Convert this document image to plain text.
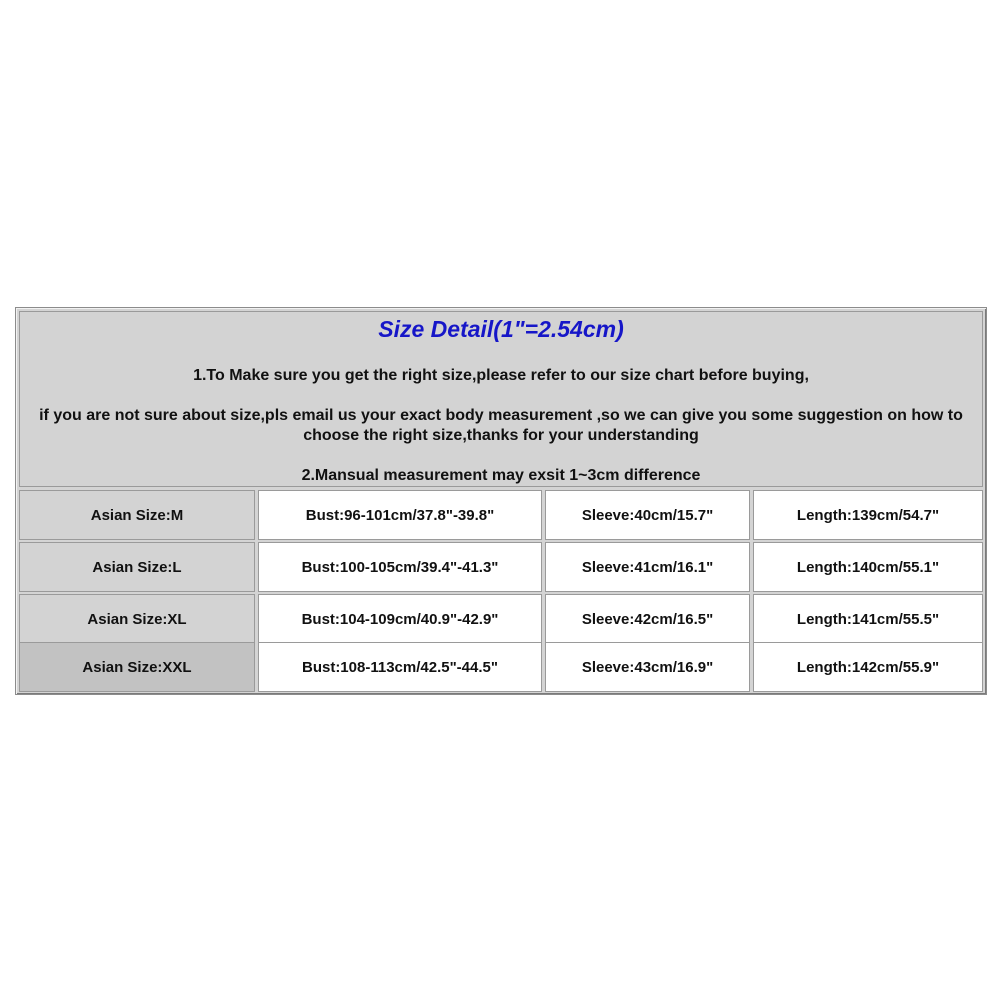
Size Detail(1"=2.54cm)
1.To Make sure you get the right size,please refer to our size chart before buying,
if you are not sure about size,pls email us your exact body measurement ,so we can give you some suggestion on how to choose the right size,thanks for your understanding
2.Mansual measurement may exsit 1~3cm difference
Asian Size:M	Bust:96-101cm/37.8"-39.8"	Sleeve:40cm/15.7"	Length:139cm/54.7"
Asian Size:L	Bust:100-105cm/39.4"-41.3"	Sleeve:41cm/16.1"	Length:140cm/55.1"
Asian Size:XL	Bust:104-109cm/40.9"-42.9"	Sleeve:42cm/16.5"	Length:141cm/55.5"
Asian Size:XXL	Bust:108-113cm/42.5"-44.5"	Sleeve:43cm/16.9"	Length:142cm/55.9"
